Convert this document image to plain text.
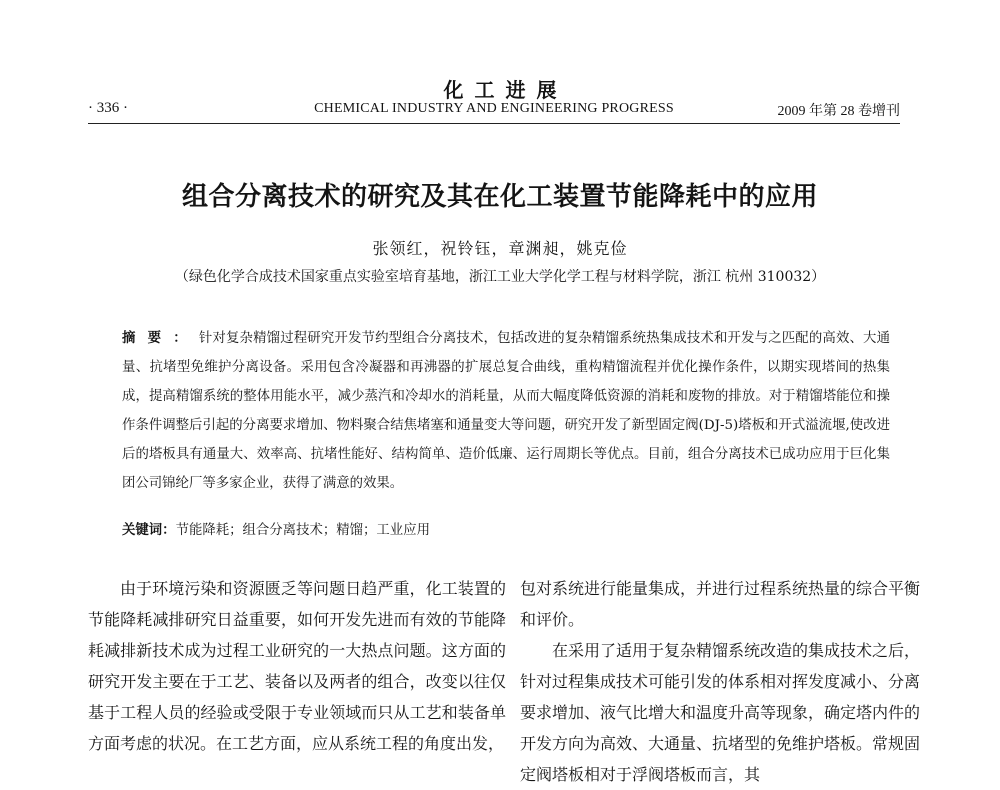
化工进展
· 336 ·	CHEMICAL INDUSTRY AND ENGINEERING PROGRESS	2009 年第 28 卷增刊
组合分离技术的研究及其在化工装置节能降耗中的应用
张领红，祝铃钰，章渊昶，姚克俭
（绿色化学合成技术国家重点实验室培育基地，浙江工业大学化学工程与材料学院，浙江 杭州 310032）
摘要：针对复杂精馏过程研究开发节约型组合分离技术，包括改进的复杂精馏系统热集成技术和开发与之匹配的高效、大通量、抗堵型免维护分离设备。采用包含冷凝器和再沸器的扩展总复合曲线，重构精馏流程并优化操作条件，以期实现塔间的热集成，提高精馏系统的整体用能水平，减少蒸汽和冷却水的消耗量，从而大幅度降低资源的消耗和废物的排放。对于精馏塔能位和操作条件调整后引起的分离要求增加、物料聚合结焦堵塞和通量变大等问题，研究开发了新型固定阀(DJ-5)塔板和开式溢流堰,使改进后的塔板具有通量大、效率高、抗堵性能好、结构简单、造价低廉、运行周期长等优点。目前，组合分离技术已成功应用于巨化集团公司锦纶厂等多家企业，获得了满意的效果。
关键词：节能降耗；组合分离技术；精馏；工业应用

由于环境污染和资源匮乏等问题日趋严重，化工装置的节能降耗减排研究日益重要，如何开发先进而有效的节能降耗减排新技术成为过程工业研究的一大热点问题。这方面的研究开发主要在于工艺、装备以及两者的组合，改变以往仅基于工程人员的经验或受限于专业领域而只从工艺和装备单方面考虑的状况。在工艺方面，应从系统工程的角度出发，

包对系统进行能量集成，并进行过程系统热量的综合平衡和评价。

在采用了适用于复杂精馏系统改造的集成技术之后，针对过程集成技术可能引发的体系相对挥发度减小、分离要求增加、液气比增大和温度升高等现象，确定塔内件的开发方向为高效、大通量、抗堵型的免维护塔板。常规固定阀塔板相对于浮阀塔板而言，其
